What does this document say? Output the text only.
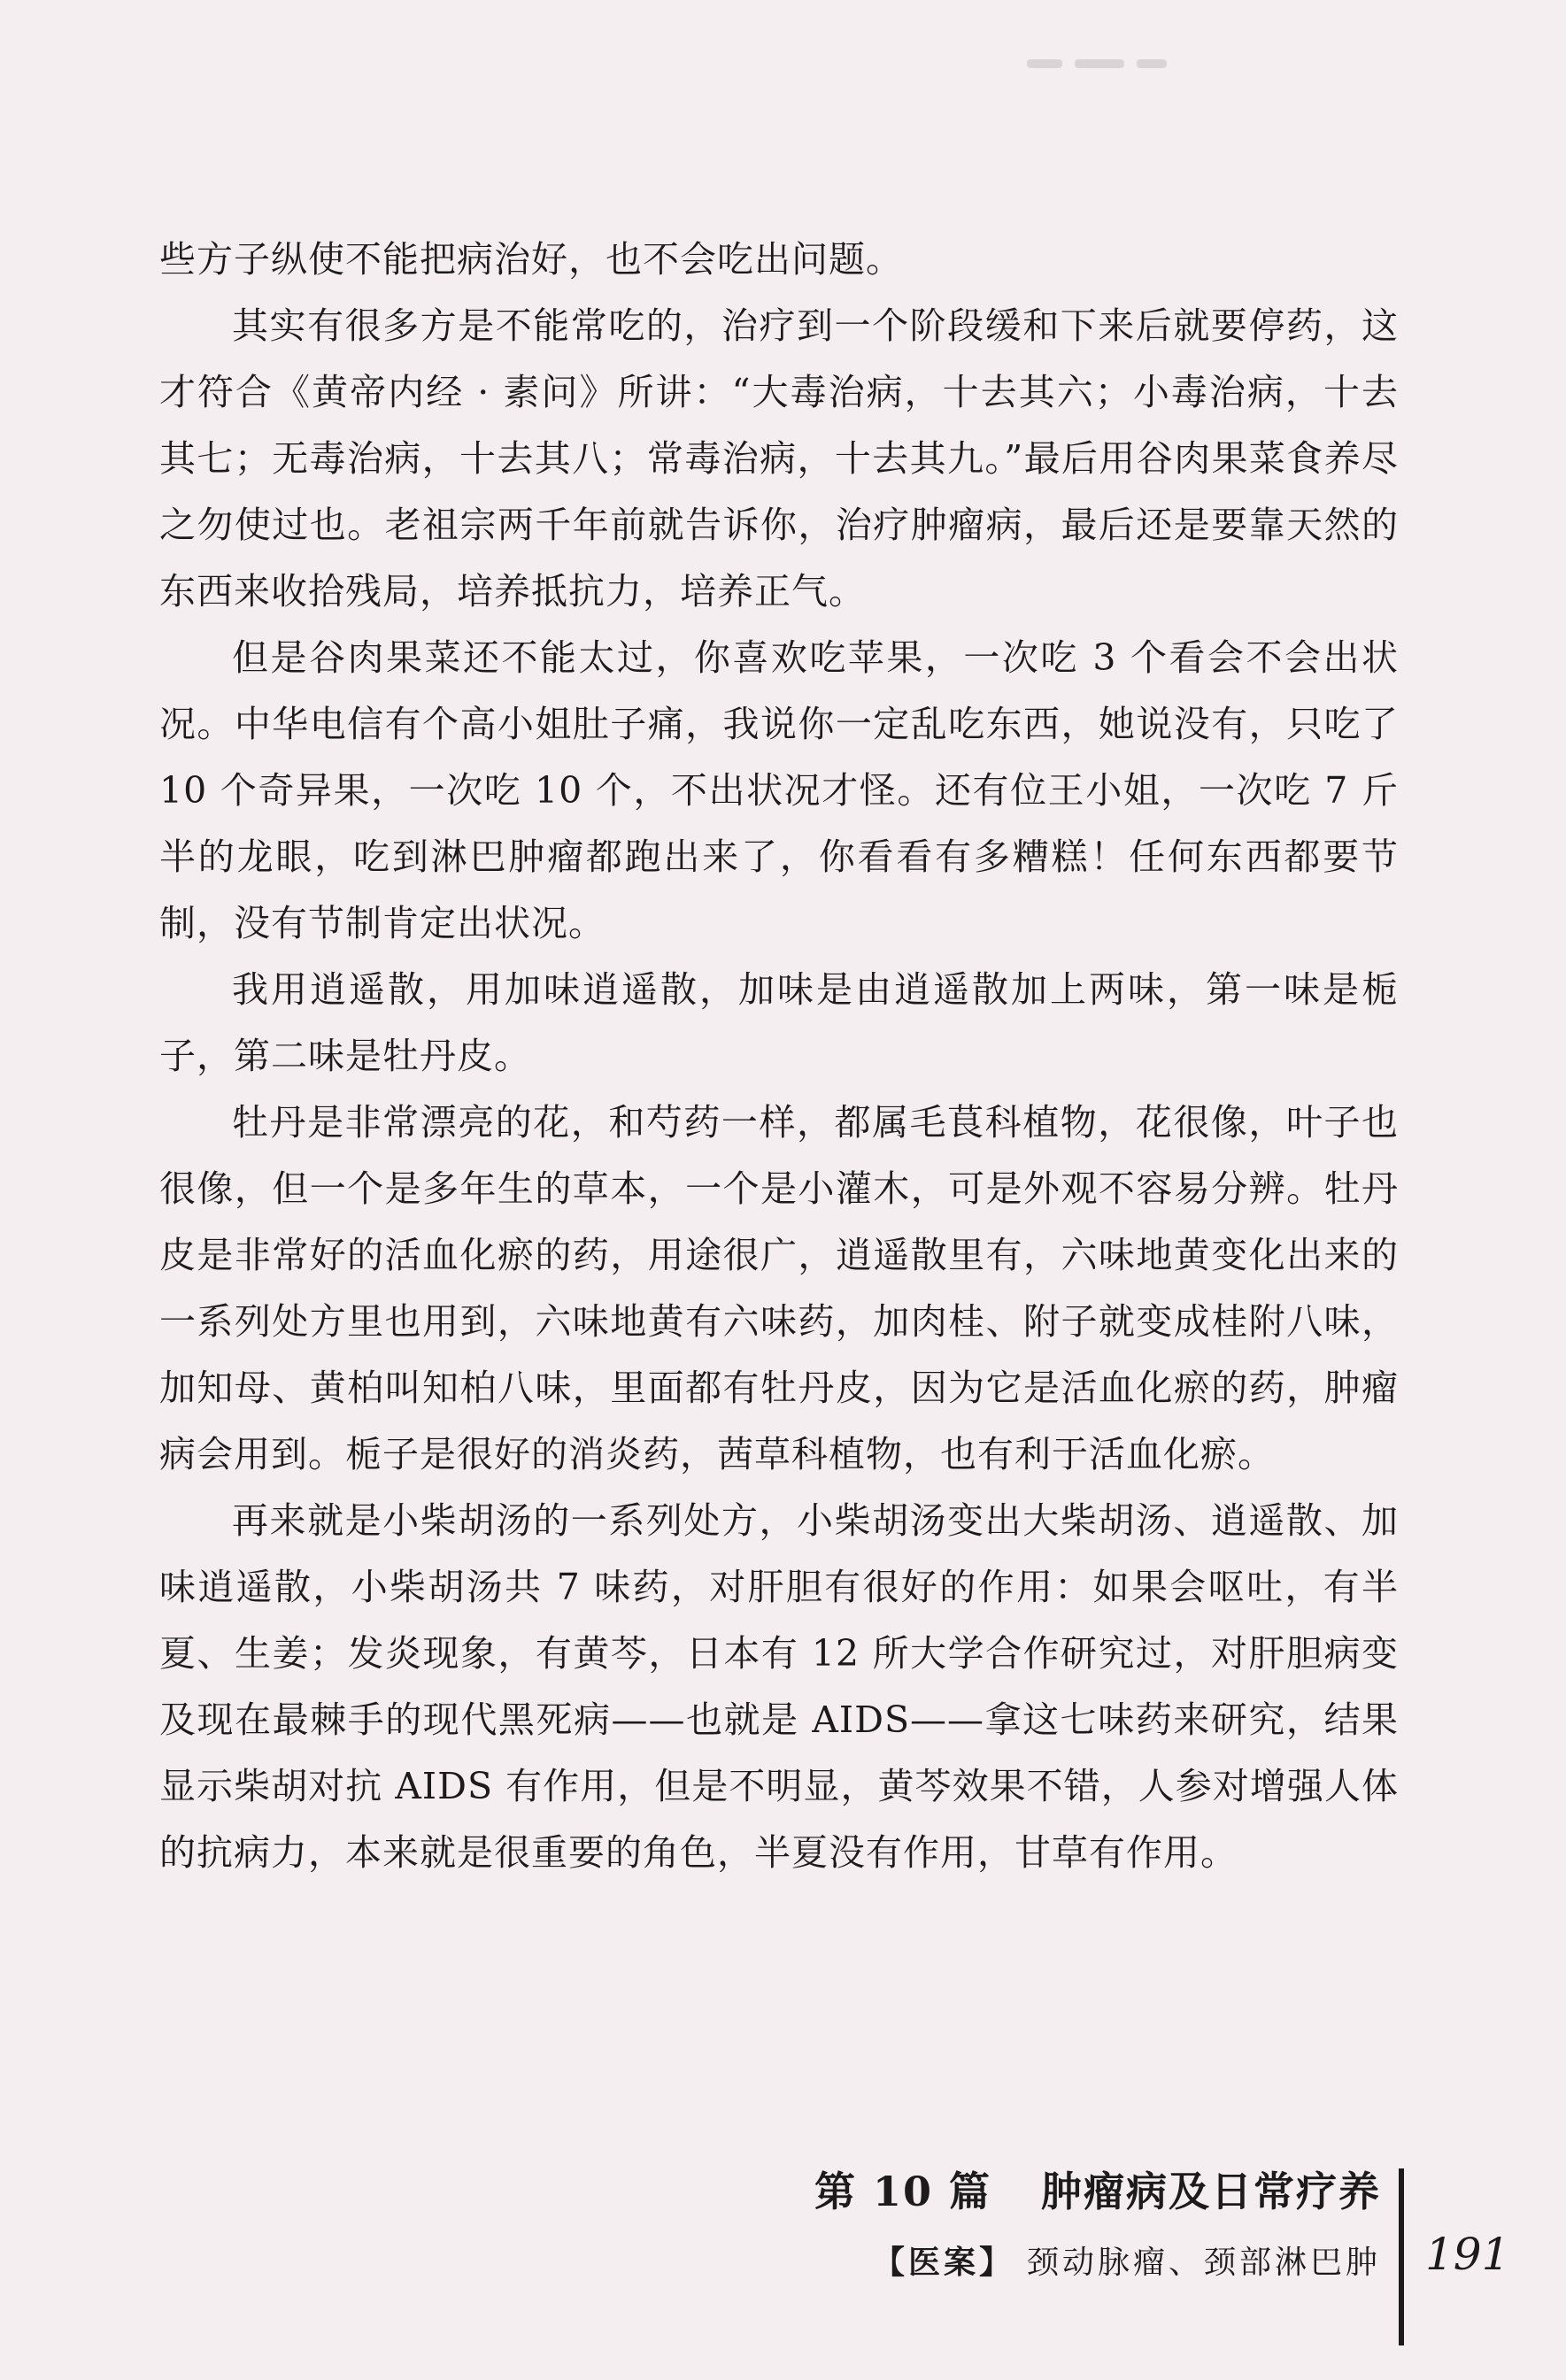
些方子纵使不能把病治好，也不会吃出问题。

其实有很多方是不能常吃的，治疗到一个阶段缓和下来后就要停药，这才符合《黄帝内经 · 素问》所讲：“大毒治病，十去其六；小毒治病，十去其七；无毒治病，十去其八；常毒治病，十去其九。”最后用谷肉果菜食养尽之勿使过也。老祖宗两千年前就告诉你，治疗肿瘤病，最后还是要靠天然的东西来收拾残局，培养抵抗力，培养正气。

但是谷肉果菜还不能太过，你喜欢吃苹果，一次吃 3 个看会不会出状况。中华电信有个高小姐肚子痛，我说你一定乱吃东西，她说没有，只吃了 10 个奇异果，一次吃 10 个，不出状况才怪。还有位王小姐，一次吃 7 斤半的龙眼，吃到淋巴肿瘤都跑出来了，你看看有多糟糕！任何东西都要节制，没有节制肯定出状况。

我用逍遥散，用加味逍遥散，加味是由逍遥散加上两味，第一味是栀子，第二味是牡丹皮。

牡丹是非常漂亮的花，和芍药一样，都属毛茛科植物，花很像，叶子也很像，但一个是多年生的草本，一个是小灌木，可是外观不容易分辨。牡丹皮是非常好的活血化瘀的药，用途很广，逍遥散里有，六味地黄变化出来的一系列处方里也用到，六味地黄有六味药，加肉桂、附子就变成桂附八味，加知母、黄柏叫知柏八味，里面都有牡丹皮，因为它是活血化瘀的药，肿瘤病会用到。栀子是很好的消炎药，茜草科植物，也有利于活血化瘀。

再来就是小柴胡汤的一系列处方，小柴胡汤变出大柴胡汤、逍遥散、加味逍遥散，小柴胡汤共 7 味药，对肝胆有很好的作用：如果会呕吐，有半夏、生姜；发炎现象，有黄芩，日本有 12 所大学合作研究过，对肝胆病变及现在最棘手的现代黑死病——也就是 AIDS——拿这七味药来研究，结果显示柴胡对抗 AIDS 有作用，但是不明显，黄芩效果不错，人参对增强人体的抗病力，本来就是很重要的角色，半夏没有作用，甘草有作用。

第 10 篇 肿瘤病及日常疗养
【医案】 颈动脉瘤、颈部淋巴肿 191
